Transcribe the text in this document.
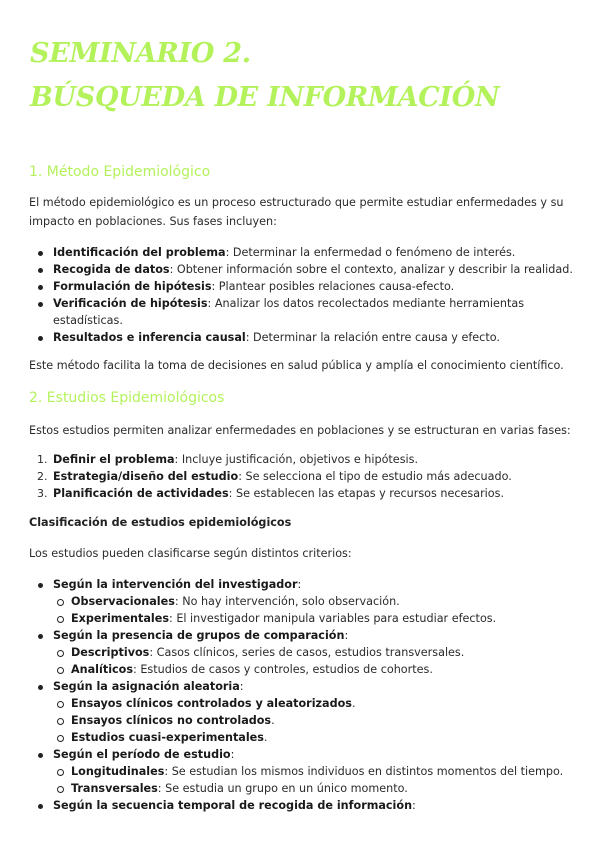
SEMINARIO 2.
BÚSQUEDA DE INFORMACIÓN
1. Método Epidemiológico

El método epidemiológico es un proceso estructurado que permite estudiar enfermedades y su impacto en poblaciones. Sus fases incluyen:

Identificación del problema: Determinar la enfermedad o fenómeno de interés.
Recogida de datos: Obtener información sobre el contexto, analizar y describir la realidad.
Formulación de hipótesis: Plantear posibles relaciones causa-efecto.
Verificación de hipótesis: Analizar los datos recolectados mediante herramientas estadísticas.
Resultados e inferencia causal: Determinar la relación entre causa y efecto.

Este método facilita la toma de decisiones en salud pública y amplía el conocimiento científico.

2. Estudios Epidemiológicos

Estos estudios permiten analizar enfermedades en poblaciones y se estructuran en varias fases:

1. Definir el problema: Incluye justificación, objetivos e hipótesis.
2. Estrategia/diseño del estudio: Se selecciona el tipo de estudio más adecuado.
3. Planificación de actividades: Se establecen las etapas y recursos necesarios.
Clasificación de estudios epidemiológicos

Los estudios pueden clasificarse según distintos criterios:

Según la intervención del investigador:
Observacionales: No hay intervención, solo observación.
Experimentales: El investigador manipula variables para estudiar efectos.
Según la presencia de grupos de comparación:
Descriptivos: Casos clínicos, series de casos, estudios transversales.
Analíticos: Estudios de casos y controles, estudios de cohortes.
Según la asignación aleatoria:
Ensayos clínicos controlados y aleatorizados.
Ensayos clínicos no controlados.
Estudios cuasi-experimentales.
Según el período de estudio:
Longitudinales: Se estudian los mismos individuos en distintos momentos del tiempo.
Transversales: Se estudia un grupo en un único momento.
Según la secuencia temporal de recogida de información:
